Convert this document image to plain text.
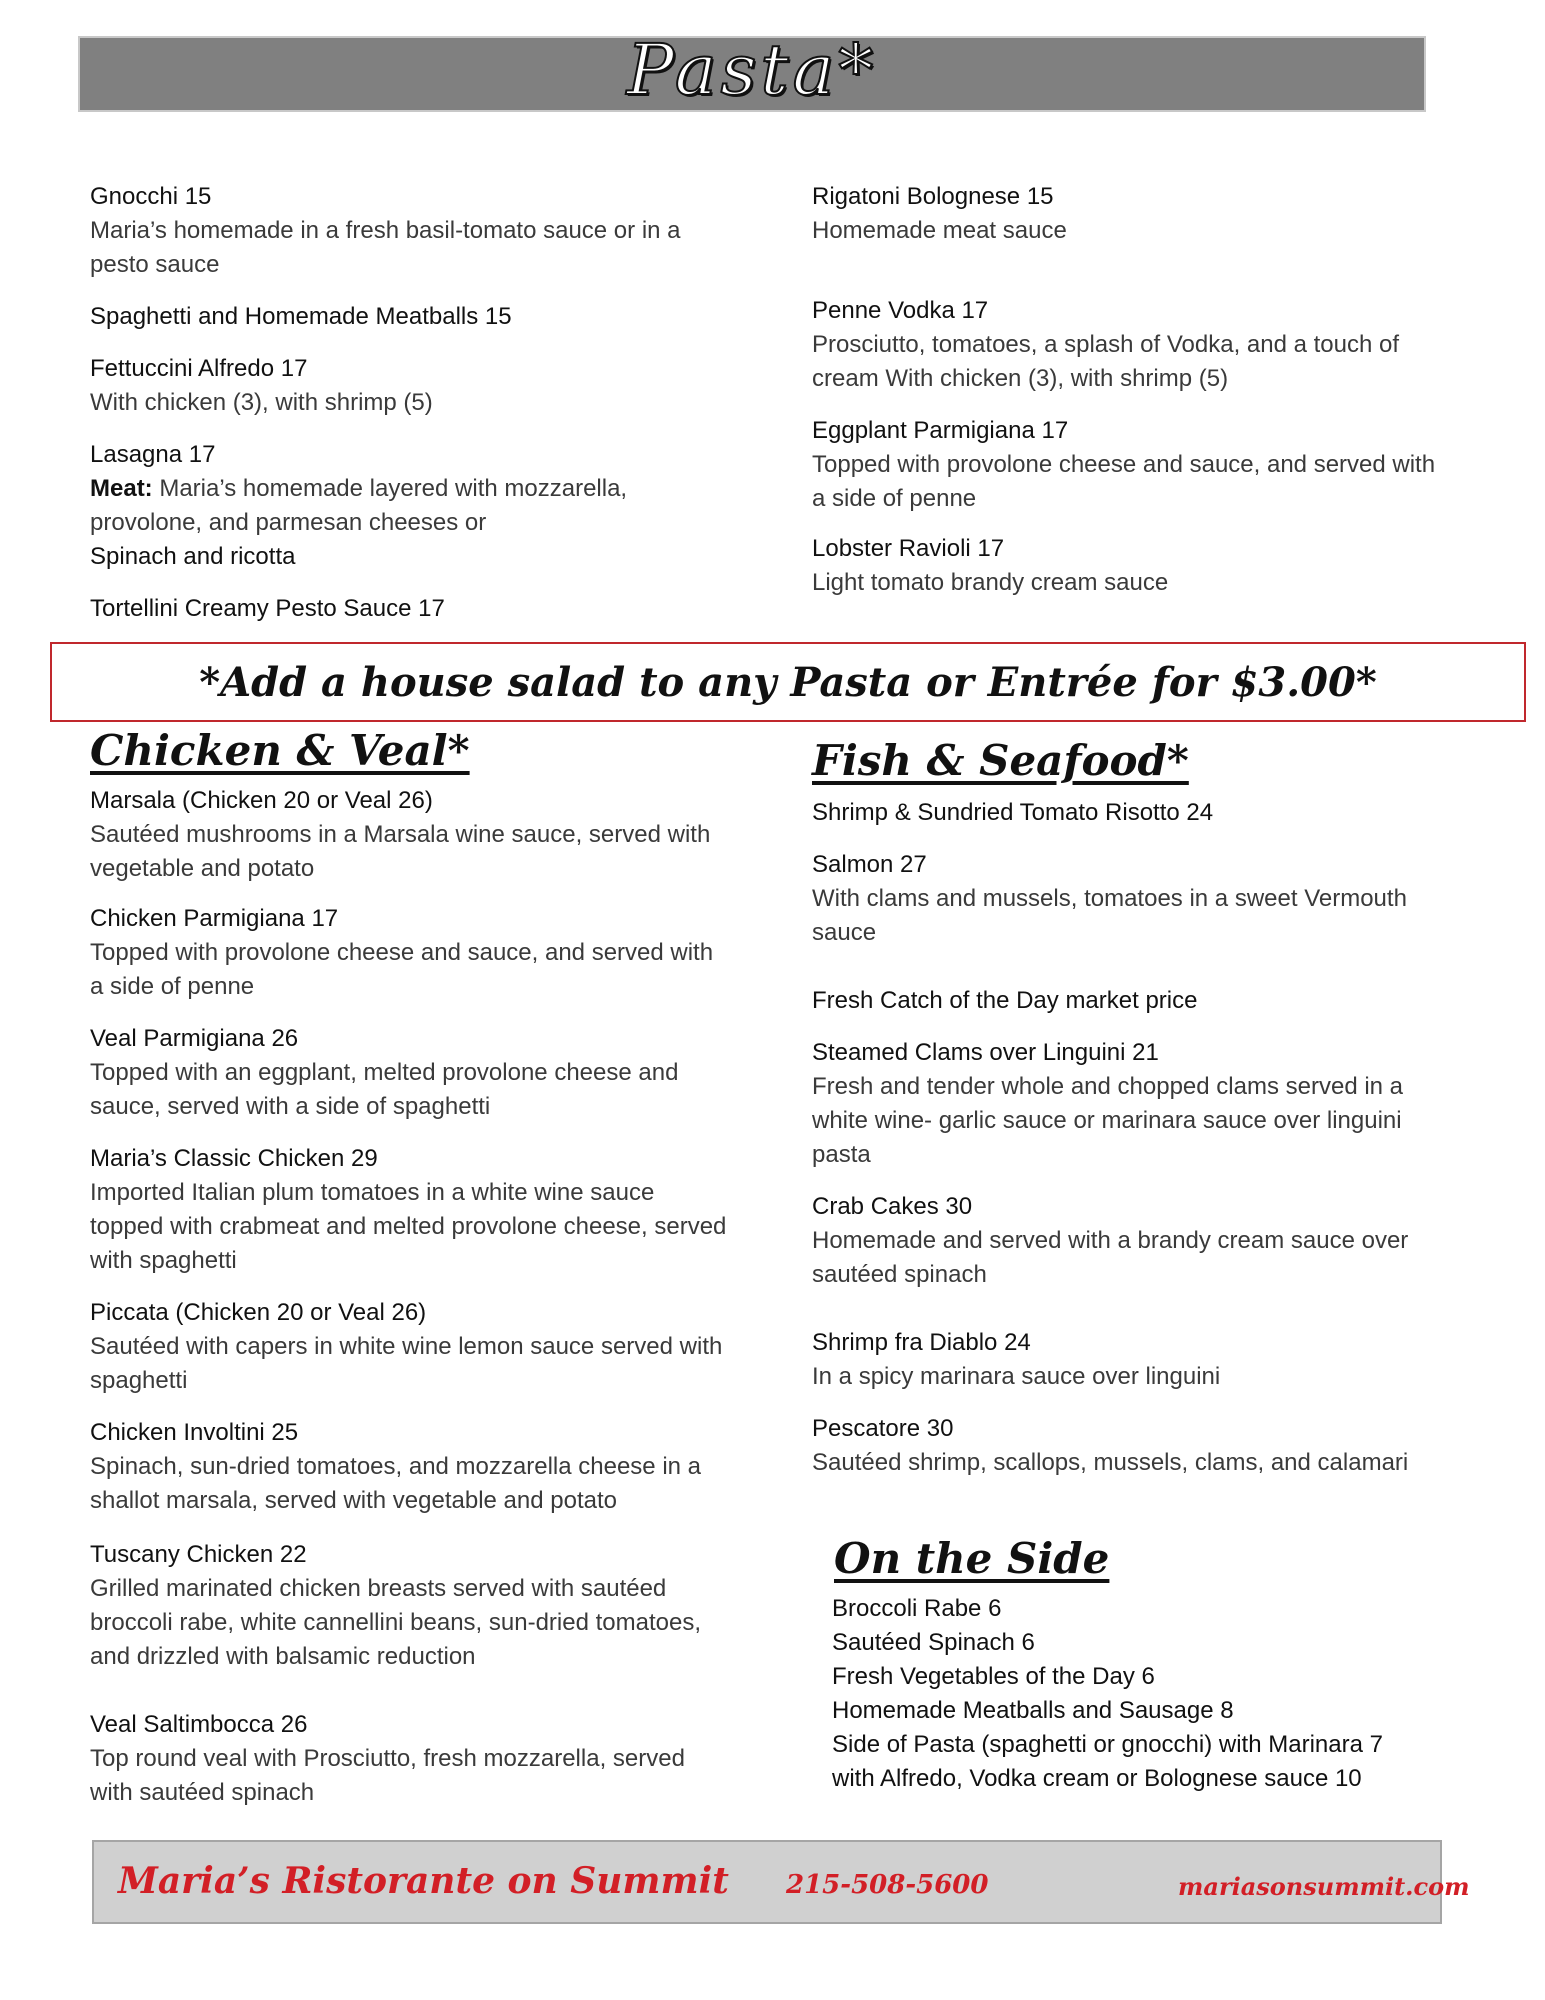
Pasta*
Gnocchi 15
Maria’s homemade in a fresh basil-tomato sauce or in a pesto sauce
Spaghetti and Homemade Meatballs 15
Fettuccini Alfredo 17
With chicken (3), with shrimp (5)
Lasagna 17
Meat: Maria’s homemade layered with mozzarella, provolone, and parmesan cheeses or
Spinach and ricotta
Tortellini Creamy Pesto Sauce 17
Rigatoni Bolognese 15
Homemade meat sauce
Penne Vodka 17
Prosciutto, tomatoes, a splash of Vodka, and a touch of cream With chicken (3), with shrimp (5)
Eggplant Parmigiana 17
Topped with provolone cheese and sauce, and served with a side of penne
Lobster Ravioli 17
Light tomato brandy cream sauce
*Add a house salad to any Pasta or Entrée for $3.00*
Chicken & Veal*
Marsala (Chicken 20 or Veal 26)
Sautéed mushrooms in a Marsala wine sauce, served with vegetable and potato
Chicken Parmigiana 17
Topped with provolone cheese and sauce, and served with a side of penne
Veal Parmigiana 26
Topped with an eggplant, melted provolone cheese and sauce, served with a side of spaghetti
Maria’s Classic Chicken 29
Imported Italian plum tomatoes in a white wine sauce topped with crabmeat and melted provolone cheese, served with spaghetti
Piccata (Chicken 20 or Veal 26)
Sautéed with capers in white wine lemon sauce served with spaghetti
Chicken Involtini 25
Spinach, sun-dried tomatoes, and mozzarella cheese in a shallot marsala, served with vegetable and potato
Tuscany Chicken 22
Grilled marinated chicken breasts served with sautéed broccoli rabe, white cannellini beans, sun-dried tomatoes, and drizzled with balsamic reduction
Veal Saltimbocca 26
Top round veal with Prosciutto, fresh mozzarella, served with sautéed spinach
Fish & Seafood*
Shrimp & Sundried Tomato Risotto 24
Salmon 27
With clams and mussels, tomatoes in a sweet Vermouth sauce
Fresh Catch of the Day market price
Steamed Clams over Linguini 21
Fresh and tender whole and chopped clams served in a white wine- garlic sauce or marinara sauce over linguini pasta
Crab Cakes 30
Homemade and served with a brandy cream sauce over sautéed spinach
Shrimp fra Diablo 24
In a spicy marinara sauce over linguini
Pescatore 30
Sautéed shrimp, scallops, mussels, clams, and calamari
On the Side
Broccoli Rabe 6
Sautéed Spinach 6
Fresh Vegetables of the Day 6
Homemade Meatballs and Sausage 8
Side of Pasta (spaghetti or gnocchi) with Marinara 7
with Alfredo, Vodka cream or Bolognese sauce 10
Maria’s Ristorante on Summit 215-508-5600	mariasonsummit.com
